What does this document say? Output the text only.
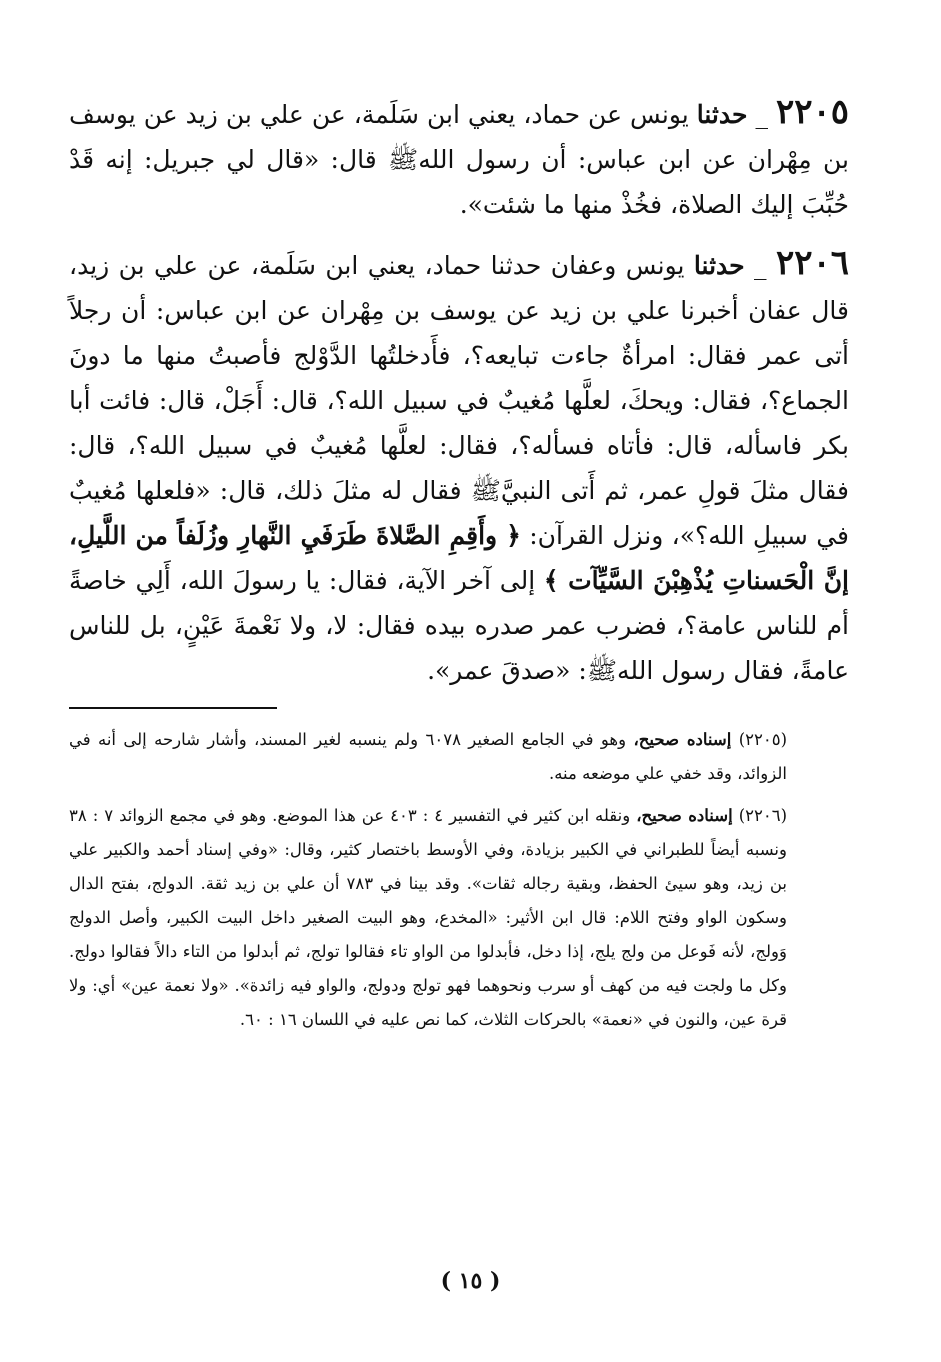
٢٢٠٥ _ حدثنا يونس عن حماد، يعني ابن سَلَمة، عن علي بن زيد عن يوسف بن مِهْران عن ابن عباس: أن رسول اللهﷺ قال: «قال لي جبريل: إنه قَدْ حُبِّبَ إليك الصلاة، فخُذْ منها ما شئت».

٢٢٠٦ _ حدثنا يونس وعفان حدثنا حماد، يعني ابن سَلَمة، عن علي بن زيد، قال عفان أخبرنا علي بن زيد عن يوسف بن مِهْران عن ابن عباس: أن رجلاً أتى عمر فقال: امرأةٌ جاءت تبايعه؟، فأَدخلتُها الدَّوْلج فأصبتُ منها ما دونَ الجماع؟، فقال: ويحكَ، لعلَّها مُغيبٌ في سبيل الله؟، قال: أَجَلْ، قال: فائت أبا بكر فاسأله، قال: فأتاه فسأله؟، فقال: لعلَّها مُغيبٌ في سبيل الله؟، قال: فقال مثلَ قولِ عمر، ثم أَتى النبيَّﷺ فقال له مثلَ ذلك، قال: «فلعلها مُغيبٌ في سبيلِ الله؟»، ونزل القرآن: ﴿ وأَقِمِ الصَّلاةَ طَرَفَيِ النَّهارِ وزُلَفاً من اللَّيلِ، إنَّ الْحَسناتِ يُذْهِبْنَ السَّيِّآت ﴾ إلى آخر الآية، فقال: يا رسولَ الله، أَلِي خاصةً أم للناس عامة؟، فضرب عمر صدره بيده فقال: لا، ولا نَعْمةَ عَيْنٍ، بل للناس عامةً، فقال رسول اللهﷺ: «صدقَ عمر».

(٢٢٠٥) إسناده صحيح، وهو في الجامع الصغير ٦٠٧٨ ولم ينسبه لغير المسند، وأشار شارحه إلى أنه في الزوائد، وقد خفي علي موضعه منه.

(٢٢٠٦) إسناده صحيح، ونقله ابن كثير في التفسير ٤ : ٤٠٣ عن هذا الموضع. وهو في مجمع الزوائد ٧ : ٣٨ ونسبه أيضاً للطبراني في الكبير بزيادة، وفي الأوسط باختصار كثير، وقال: «وفي إسناد أحمد والكبير علي بن زيد، وهو سيئ الحفظ، وبقية رجاله ثقات». وقد بينا في ٧٨٣ أن علي بن زيد ثقة. الدولج، بفتح الدال وسكون الواو وفتح اللام: قال ابن الأثير: «المخدع، وهو البيت الصغير داخل البيت الكبير، وأصل الدولج وَولج، لأنه فَوعل من ولج يلج، إذا دخل، فأبدلوا من الواو تاء فقالوا تولج، ثم أبدلوا من التاء دالاً فقالوا دولج. وكل ما ولجت فيه من كهف أو سرب ونحوهما فهو تولج ودولج، والواو فيه زائدة». «ولا نعمة عين» أي: ولا قرة عين، والنون في «نعمة» بالحركات الثلاث، كما نص عليه في اللسان ١٦ : ٦٠.

( ١٥ )
